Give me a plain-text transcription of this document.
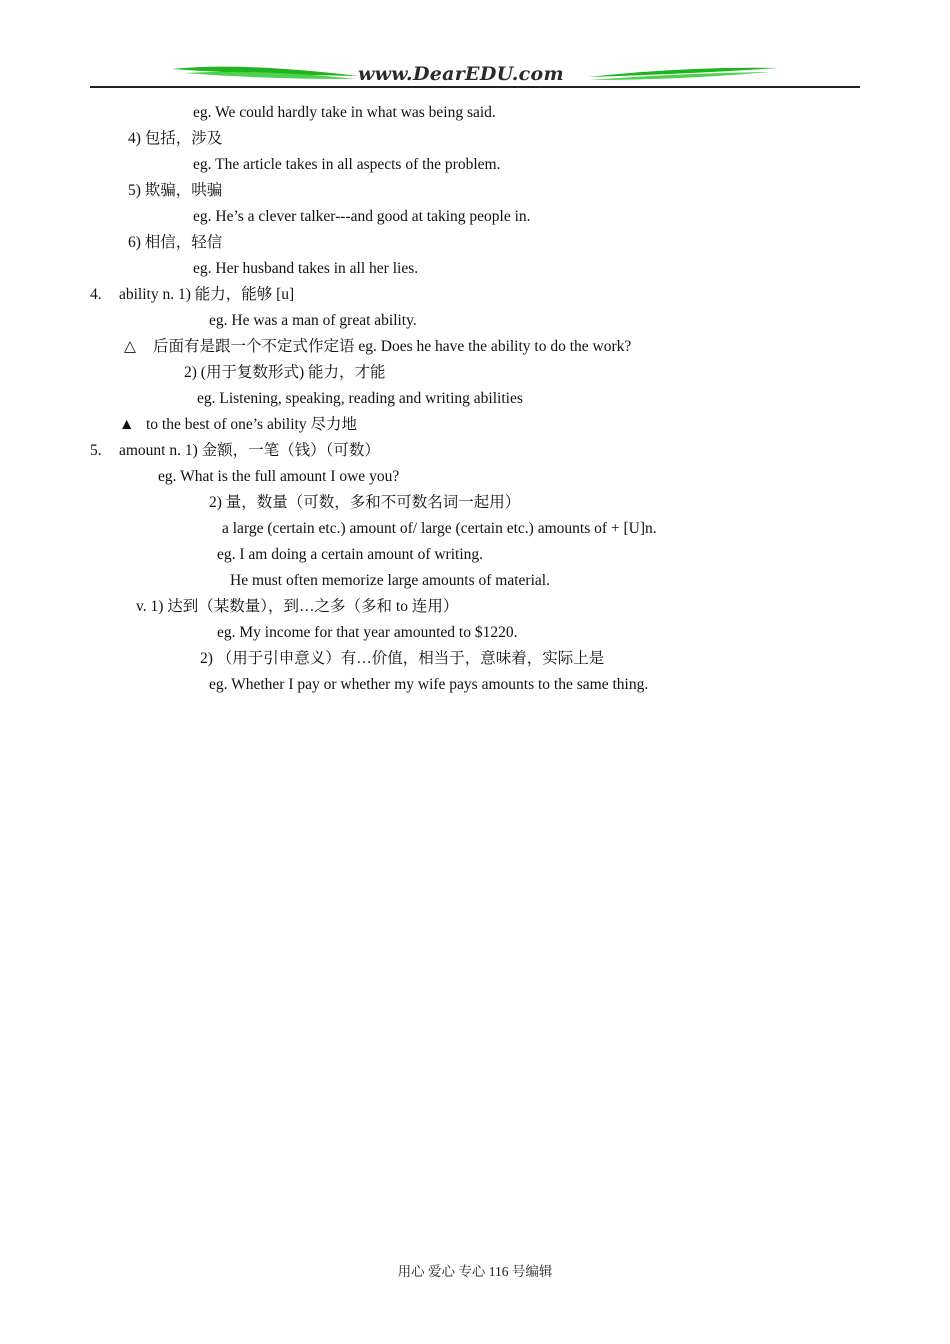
www.DearEDU.com
eg. We could hardly take in what was being said.
4) 包括，涉及
eg. The article takes in all aspects of the problem.
5) 欺骗，哄骗
eg. He’s a clever talker---and good at taking people in.
6) 相信，轻信
eg. Her husband takes in all her lies.
4. ability n. 1) 能力，能够 [u]
eg. He was a man of great ability.
△ 后面有是跟一个不定式作定语 eg. Does he have the ability to do the work?
2) (用于复数形式) 能力，才能
eg. Listening, speaking, reading and writing abilities
▲ to the best of one’s ability 尽力地
5. amount n. 1) 金额，一笔（钱）（可数）
eg. What is the full amount I owe you?
2) 量，数量（可数，多和不可数名词一起用）
a large (certain etc.) amount of/ large (certain etc.) amounts of + [U]n.
eg. I am doing a certain amount of writing.
He must often memorize large amounts of material.
v. 1) 达到（某数量），到…之多（多和 to 连用）
eg. My income for that year amounted to $1220.
2) （用于引申意义）有…价值，相当于，意味着，实际上是
eg. Whether I pay or whether my wife pays amounts to the same thing.
用心 爱心 专心 116 号编辑
